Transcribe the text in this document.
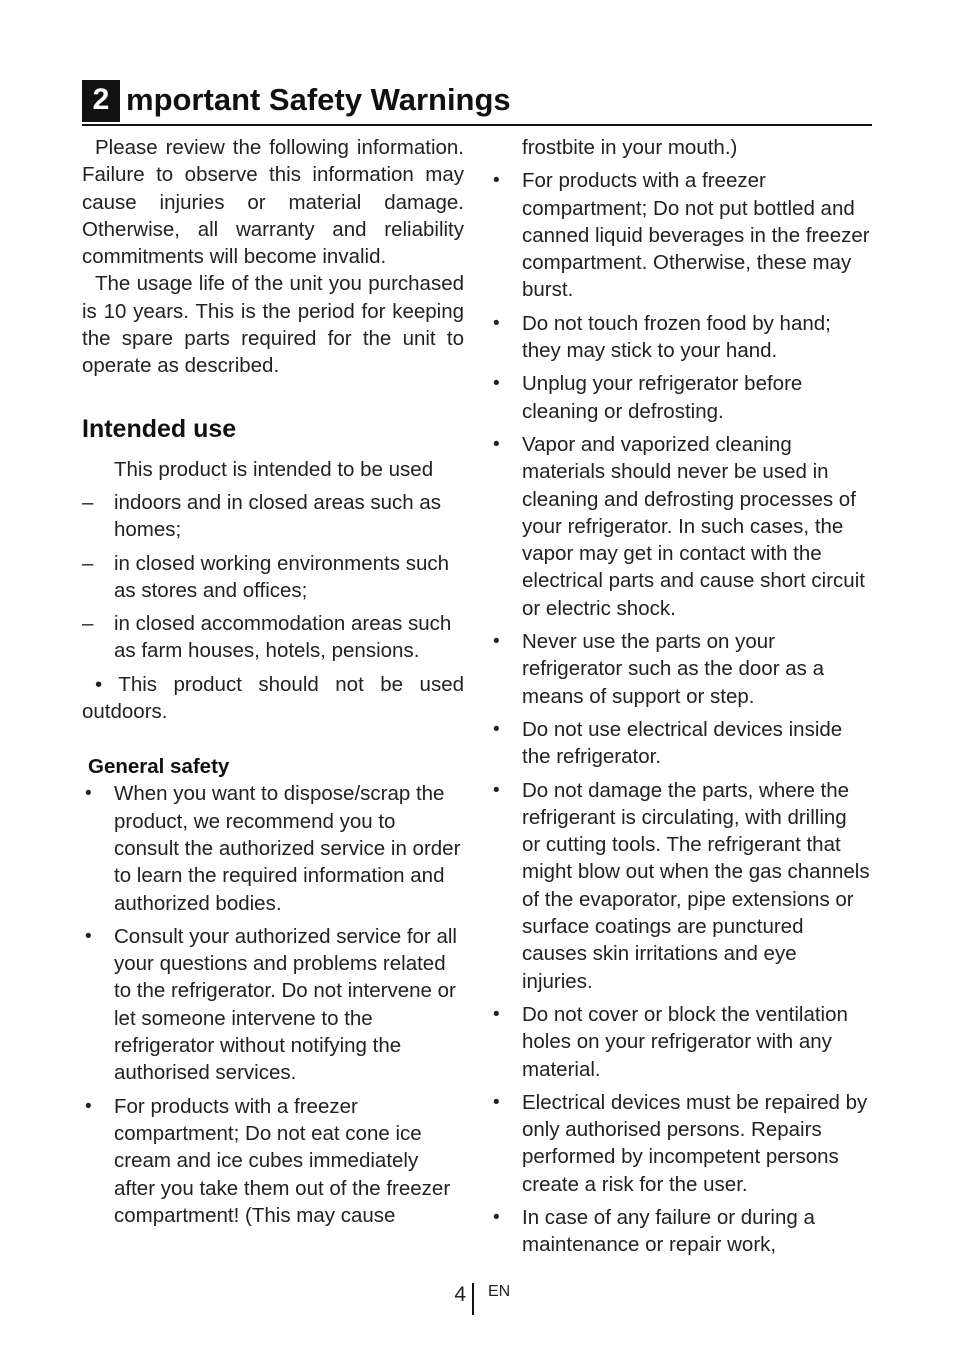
2 mportant Safety Warnings

Please review the following information. Failure to observe this information may cause injuries or material damage. Otherwise, all warranty and reliability commitments will become invalid.

The usage life of the unit you purchased is 10 years. This is the period for keeping the spare parts required for the unit to operate as described.

Intended use

This product is intended to be used

– indoors and in closed areas such as homes;
– in closed working environments such as stores and offices;
– in closed accommodation areas such as farm houses, hotels, pensions.

• This product should not be used outdoors.

General safety
• When you want to dispose/scrap the product, we recommend you to consult the authorized service in order to learn the required information and authorized bodies.
• Consult your authorized service for all your questions and problems related to the refrigerator. Do not intervene or let someone intervene to the refrigerator without notifying the authorised services.
• For products with a freezer compartment; Do not eat cone ice cream and ice cubes immediately after you take them out of the freezer compartment! (This may cause

frostbite in your mouth.)

• For products with a freezer compartment; Do not put bottled and canned liquid beverages in the freezer compartment. Otherwise, these may burst.
• Do not touch frozen food by hand; they may stick to your hand.
• Unplug your refrigerator before cleaning or defrosting.
• Vapor and vaporized cleaning materials should never be used in cleaning and defrosting processes of your refrigerator. In such cases, the vapor may get in contact with the electrical parts and cause short circuit or electric shock.
• Never use the parts on your refrigerator such as the door as a means of support or step.
• Do not use electrical devices inside the refrigerator.
• Do not damage the parts, where the refrigerant is circulating, with drilling or cutting tools. The refrigerant that might blow out when the gas channels of the evaporator, pipe extensions or surface coatings are punctured causes skin irritations and eye injuries.
• Do not cover or block the ventilation holes on your refrigerator with any material.
• Electrical devices must be repaired by only authorised persons. Repairs performed by incompetent persons create a risk for the user.
• In case of any failure or during a maintenance or repair work,
4 EN
